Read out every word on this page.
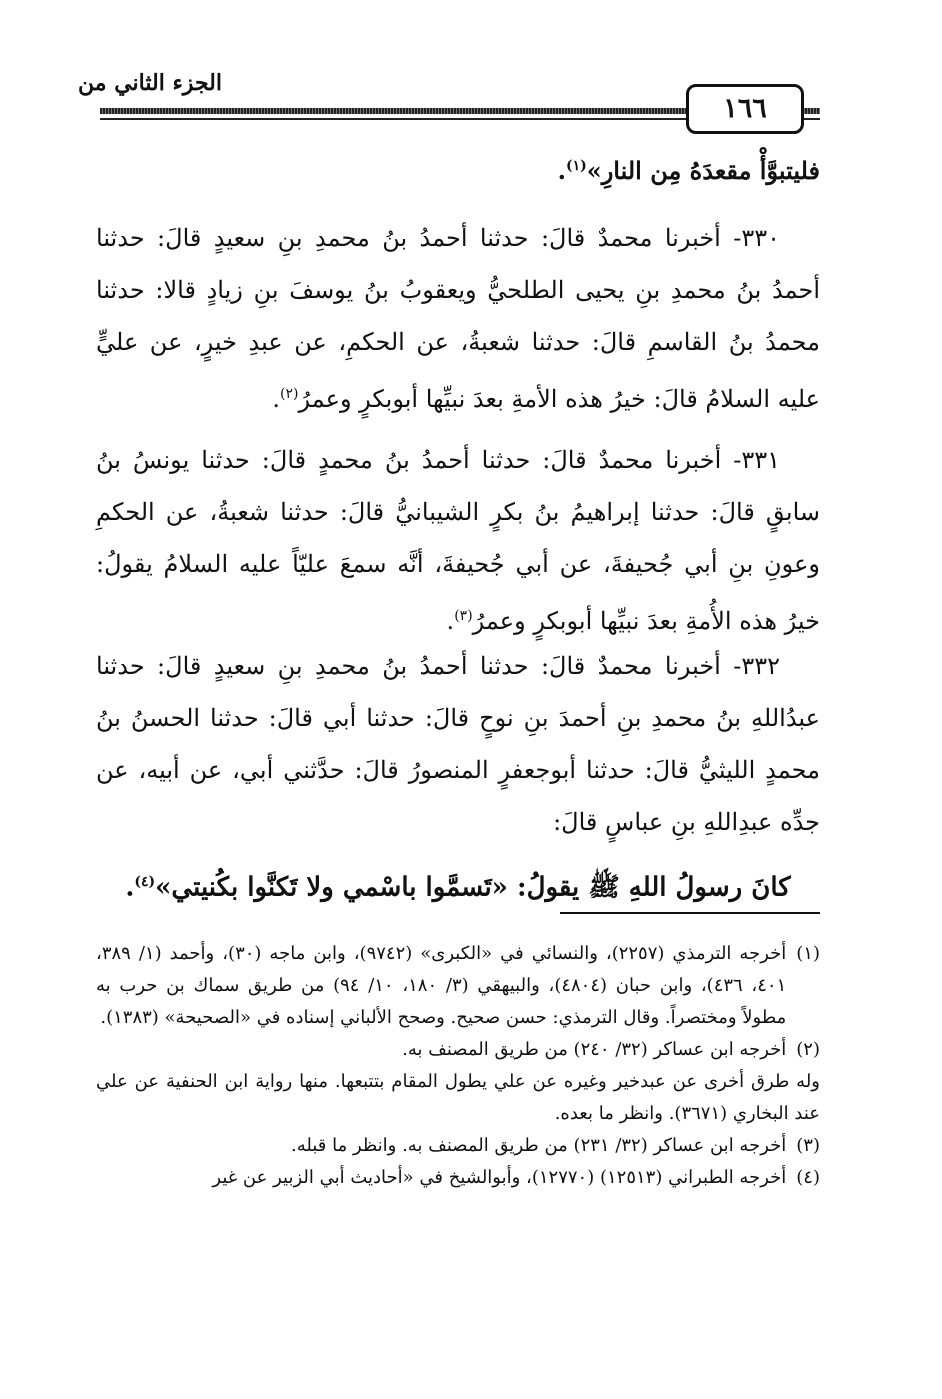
الجزء الثاني من
١٦٦
فليتبوَّأْ مقعدَهُ مِن النارِ»$^{(١)}$.
٣٣٠- أخبرنا محمدٌ قالَ: حدثنا أحمدُ بنُ محمدِ بنِ سعيدٍ قالَ: حدثنا أحمدُ بنُ محمدِ بنِ يحيى الطلحيُّ ويعقوبُ بنُ يوسفَ بنِ زيادٍ قالا: حدثنا محمدُ بنُ القاسمِ قالَ: حدثنا شعبةُ، عن الحكمِ، عن عبدِ خيرٍ، عن عليٍّ عليه السلامُ قالَ: خيرُ هذه الأمةِ بعدَ نبيِّها أبوبكرٍ وعمرُ$^{(٢)}$.
٣٣١- أخبرنا محمدٌ قالَ: حدثنا أحمدُ بنُ محمدٍ قالَ: حدثنا يونسُ بنُ سابقٍ قالَ: حدثنا إبراهيمُ بنُ بكرٍ الشيبانيُّ قالَ: حدثنا شعبةُ، عن الحكمِ وعونِ بنِ أبي جُحيفةَ، عن أبي جُحيفةَ، أنَّه سمعَ عليّاً عليه السلامُ يقولُ: خيرُ هذه الأُمةِ بعدَ نبيِّها أبوبكرٍ وعمرُ$^{(٣)}$.
٣٣٢- أخبرنا محمدٌ قالَ: حدثنا أحمدُ بنُ محمدِ بنِ سعيدٍ قالَ: حدثنا عبدُاللهِ بنُ محمدِ بنِ أحمدَ بنِ نوحٍ قالَ: حدثنا أبي قالَ: حدثنا الحسنُ بنُ محمدٍ الليثيُّ قالَ: حدثنا أبوجعفرٍ المنصورُ قالَ: حدَّثني أبي، عن أبيه، عن جدِّه عبدِاللهِ بنِ عباسٍ قالَ:
كانَ رسولُ اللهِ ﷺ يقولُ: «تَسمَّوا باسْمي ولا تَكنَّوا بكُنيتي»$^{(٤)}$.
(١)
أخرجه الترمذي (٢٢٥٧)، والنسائي في «الكبرى» (٩٧٤٢)، وابن ماجه (٣٠)، وأحمد (١/ ٣٨٩، ٤٠١، ٤٣٦)، وابن حبان (٤٨٠٤)، والبيهقي (٣/ ١٨٠، ١٠/ ٩٤) من طريق سماك بن حرب به مطولاً ومختصراً. وقال الترمذي: حسن صحيح. وصحح الألباني إسناده في «الصحيحة» (١٣٨٣).
(٢)
أخرجه ابن عساكر (٣٢/ ٢٤٠) من طريق المصنف به.
وله طرق أخرى عن عبدخير وغيره عن علي يطول المقام بتتبعها. منها رواية ابن الحنفية عن علي عند البخاري (٣٦٧١). وانظر ما بعده.
(٣)
أخرجه ابن عساكر (٣٢/ ٢٣١) من طريق المصنف به. وانظر ما قبله.
(٤)
أخرجه الطبراني (١٢٥١٣) (١٢٧٧٠)، وأبوالشيخ في «أحاديث أبي الزبير عن غير
